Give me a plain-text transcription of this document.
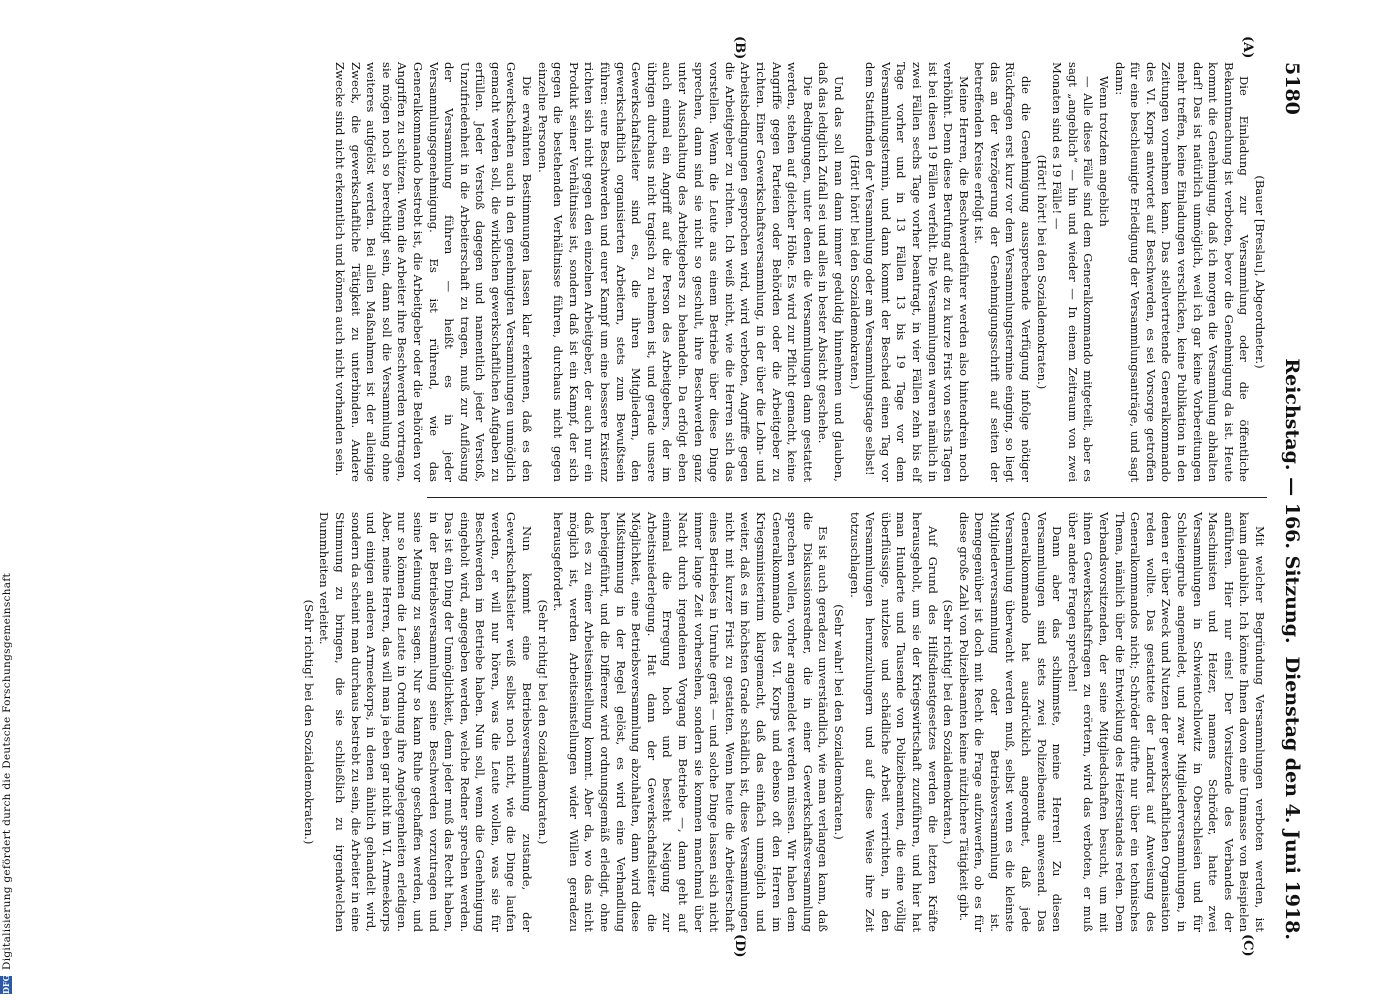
5180
Reichstag. — 166. Sitzung.
Dienstag den 4. Juni 1918.
(A)
(B)
(C)
(D)

(Bauer [Breslau], Abgeordneter.)

Die Einladung zur Versammlung oder die öffentliche Bekanntmachung ist verboten, bevor die Genehmigung da ist. Heute kommt die Genehmigung, daß ich morgen die Versammlung abhalten darf! Das ist natürlich unmöglich, weil ich gar keine Vorbereitungen mehr treffen, keine Einladungen verschicken, keine Publikation in den Zeitungen vornehmen kann. Das stellvertretende Generalkommando des VI. Korps antwortet auf Beschwerden, es sei Vorsorge getroffen für eine beschleunigte Erledigung der Versammlungsanträge, und sagt dann:

Wenn trotzdem angeblich

— Alle diese Fälle sind dem Generalkommando mitgeteilt, aber es sagt „angeblich“ — hin und wieder — In einem Zeitraum von zwei Monaten sind es 19 Fälle! —

(Hört! hört! bei den Sozialdemokraten.)

die die Genehmigung aussprechende Verfügung infolge nötiger Rückfragen erst kurz vor dem Versammlungstermine einging, so liegt das an der Verzögerung der Genehmigungsschrift auf seiten der betreffenden Kreise erfolgt ist.

Meine Herren, die Beschwerdeführer werden also hintendrein noch verhöhnt. Denn diese Berufung auf die zu kurze Frist von sechs Tagen ist bei diesen 19 Fällen verfehlt. Die Versammlungen waren nämlich in zwei Fällen sechs Tage vorher beantragt, in vier Fällen zehn bis elf Tage vorher und in 13 Fällen 13 bis 19 Tage vor dem Versammlungstermin, und dann kommt der Bescheid einen Tag vor dem Stattfinden der Versammlung oder am Versammlungstage selbst!

(Hört! hört! bei den Sozialdemokraten.)

Und das soll man dann immer geduldig hinnehmen und glauben, daß das lediglich Zufall sei und alles in bester Absicht geschehe.

Die Bedingungen, unter denen die Versammlungen dann gestattet werden, stehen auf gleicher Höhe. Es wird zur Pflicht gemacht, keine Angriffe gegen Parteien oder Behörden oder die Arbeitgeber zu richten. Einer Gewerkschaftsversammlung, in der über die Lohn- und Arbeitsbedingungen gesprochen wird, wird verboten, Angriffe gegen die Arbeitgeber zu richten. Ich weiß nicht, wie die Herren sich das vorstellen. Wenn die Leute aus einem Betriebe über diese Dinge sprechen, dann sind sie nicht so geschult, ihre Beschwerden ganz unter Ausschaltung des Arbeitgebers zu behandeln. Da erfolgt eben auch einmal ein Angriff auf die Person des Arbeitgebers, der im übrigen durchaus nicht tragisch zu nehmen ist, und gerade unsere Gewerkschaftsleiter sind es, die ihren Mitgliedern, den gewerkschaftlich organisierten Arbeitern, stets zum Bewußtsein führen: eure Beschwerden und eurer Kampf um eine bessere Existenz richten sich nicht gegen den einzelnen Arbeitgeber, der auch nur ein Produkt seiner Verhältnisse ist, sondern daß ist ein Kampf, der sich gegen die bestehenden Verhältnisse führen, durchaus nicht gegen einzelne Personen.

Die erwähnten Bestimmungen lassen klar erkennen, daß es den Gewerkschaften auch in den genehmigten Versammlungen unmöglich gemacht werden soll, die wirklichen gewerkschaftlichen Aufgaben zu erfüllen. Jeder Verstoß dagegen und namentlich jeder Verstoß, Unzufriedenheit in die Arbeiterschaft zu tragen, muß zur Auflösung der Versammlung führen — heißt es in jeder Versammlungsgenehmigung. Es ist rührend, wie das Generalkommando bestrebt ist, die Arbeitgeber oder die Behörden vor Angriffen zu schützen. Wenn die Arbeiter ihre Beschwerden vortragen, sie mögen noch so berechtigt sein, dann soll die Versammlung ohne weiteres aufgelöst werden. Bei allen Maßnahmen ist der alleinige Zweck, die gewerkschaftliche Tätigkeit zu unterbinden. Andere Zwecke sind nicht erkenntlich und können auch nicht vorhanden sein.

Mit welcher Begründung Versammlungen verboten werden, ist kaum glaublich. Ich könnte Ihnen davon eine Unmasse von Beispielen anführen. Hier nur eins! Der Vorsitzende des Verbandes der Maschinisten und Heizer, namens Schröder, hatte zwei Versammlungen in Schwientochlowitz in Oberschlesien und für Schleiengrube angemeldet, und zwar Mitgliederversammlungen, in denen er über Zweck und Nutzen der gewerkschaftlichen Organisation reden wollte. Das gestattete der Landrat auf Anweisung des Generalkommandos nicht; Schröder dürfte nur über ein technisches Thema, nämlich über die Entwicklung des Heizerstandes reden. Dem Verbandsvorsitzenden, der seine Mitgliedschaften besucht, um mit ihnen Gewerkschaftsfragen zu erörtern, wird das verboten, er muß über andere Fragen sprechen!

Dann aber das schlimmste, meine Herren! Zu diesen Versammlungen sind stets zwei Polizeibeamte anwesend. Das Generalkommando hat ausdrücklich angeordnet, daß jede Versammlung überwacht werden muß, selbst wenn es die kleinste Mitgliederversammlung oder Betriebsversammlung ist. Demgegenüber ist doch mit Recht die Frage aufzuwerfen, ob es für diese große Zahl von Polizeibeamten keine nützlichere Tätigkeit gibt.

(Sehr richtig! bei den Sozialdemokraten.)

Auf Grund des Hilfsdienstgesetzes werden die letzten Kräfte herausgeholt, um sie der Kriegswirtschaft zuzuführen, und hier hat man Hunderte und Tausende von Polizeibeamten, die eine völlig überflüssige, nutzlose und schädliche Arbeit verrichten, in den Versammlungen herumzulungern und auf diese Weise ihre Zeit totzuschlagen.

(Sehr wahr! bei den Sozialdemokraten.)

Es ist auch geradezu unverständlich, wie man verlangen kann, daß die Diskussionsredner, die in einer Gewerkschaftsversammlung sprechen wollen, vorher angemeldet werden müssen. Wir haben dem Generalkommando des VI. Korps und ebenso oft den Herren im Kriegsministerium klargemacht, daß das einfach unmöglich und weiter, daß es im höchsten Grade schädlich ist, diese Versammlungen nicht mit kurzer Frist zu gestatten. Wenn heute die Arbeiterschaft eines Betriebes in Unruhe gerät — und solche Dinge lassen sich nicht immer lange Zeit vorhersehen, sondern sie kommen manchmal über Nacht durch irgendeinen Vorgang im Betriebe —, dann geht auf einmal die Erregung hoch und besteht Neigung zur Arbeitsniederlegung. Hat dann der Gewerkschaftsleiter die Möglichkeit, eine Betriebsversammlung abzuhalten, dann wird diese Mißstimmung in der Regel gelöst, es wird eine Verhandlung herbeigeführt, und die Differenz wird ordnungsgemäß erledigt, ohne daß es zu einer Arbeitseinstellung kommt. Aber da, wo das nicht möglich ist, werden Arbeitseinstellungen wider Willen geradezu herausgefordert.

(Sehr richtig! bei den Sozialdemokraten.)

Nun kommt eine Betriebsversammlung zustande, der Gewerkschaftsleiter weiß selbst noch nicht, wie die Dinge laufen werden, er will nur hören, was die Leute wollen, was sie für Beschwerden im Betriebe haben. Nun soll, wenn die Genehmigung eingeholt wird, angegeben werden, welche Redner sprechen werden. Das ist ein Ding der Unmöglichkeit, denn jeder muß das Recht haben, in der Betriebsversammlung seine Beschwerden vorzutragen und seine Meinung zu sagen. Nur so kann Ruhe geschaffen werden, und nur so können die Leute in Ordnung ihre Angelegenheiten erledigen. Aber, meine Herren, das will man ja eben gar nicht im VI. Armeekorps und einigen anderen Armeekorps, in denen ähnlich gehandelt wird, sondern da scheint man durchaus bestrebt zu sein, die Arbeiter in eine Stimmung zu bringen, die sie schließlich zu irgendwelchen Dummheiten verleitet.

(Sehr richtig! bei den Sozialdemokraten.)

DFG
Digitalisierung gefördert durch die Deutsche Forschungsgemeinschaft
